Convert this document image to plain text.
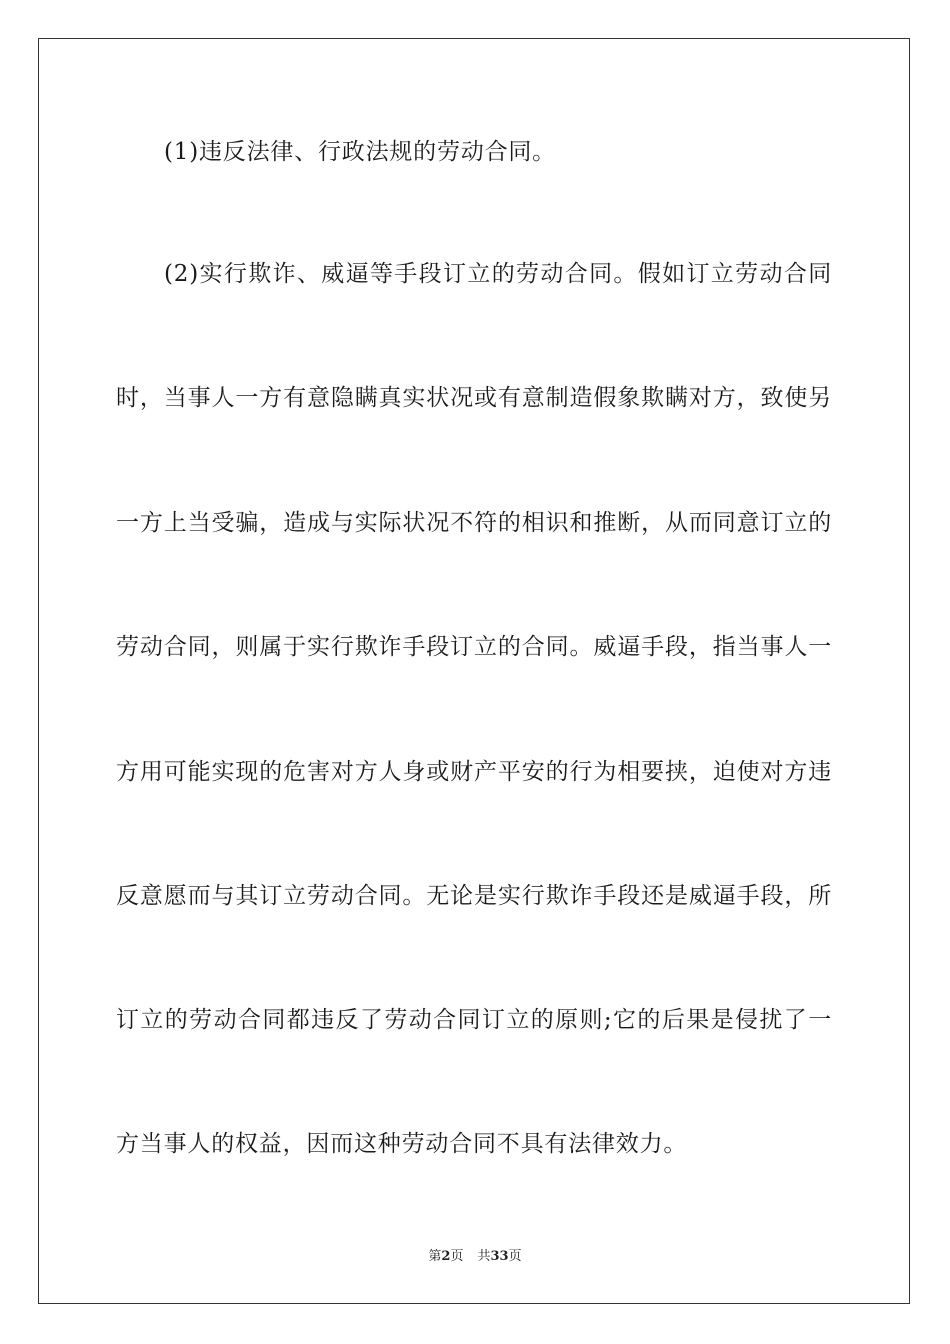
(1)违反法律、行政法规的劳动合同。
(2)实行欺诈、威逼等手段订立的劳动合同。假如订立劳动合同
时，当事人一方有意隐瞒真实状况或有意制造假象欺瞒对方，致使另
一方上当受骗，造成与实际状况不符的相识和推断，从而同意订立的
劳动合同，则属于实行欺诈手段订立的合同。威逼手段，指当事人一
方用可能实现的危害对方人身或财产平安的行为相要挟，迫使对方违
反意愿而与其订立劳动合同。无论是实行欺诈手段还是威逼手段，所
订立的劳动合同都违反了劳动合同订立的原则;它的后果是侵扰了一
方当事人的权益，因而这种劳动合同不具有法律效力。
第2页 共33页
